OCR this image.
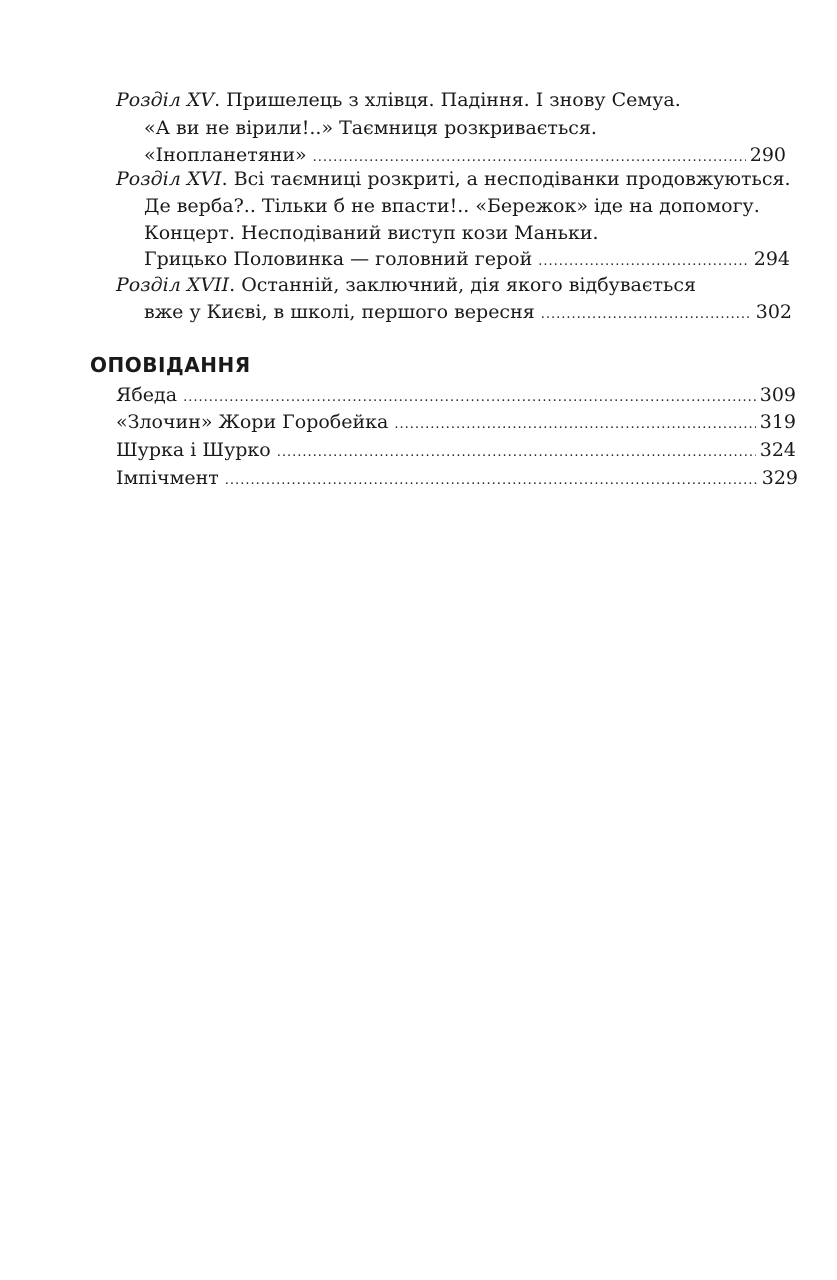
Розділ XV. Пришелець з хлівця. Падіння. І знову Семуа.
«А ви не вірили!..» Таємниця розкривається.
«Інопланетяни» .....	290
Розділ XVI. Всі таємниці розкриті, а несподіванки продовжуються.
Де верба?.. Тільки б не впасти!.. «Бережок» іде на допомогу.
Концерт. Несподіваний виступ кози Маньки.
Грицько Половинка — головний герой .....	294
Розділ XVII. Останній, заключний, дія якого відбувається
вже у Києві, в школі, першого вересня .....	302
ОПОВІДАННЯ
Ябеда .....	309
«Злочин» Жори Горобейка .....	319
Шурка і Шурко .....	324
Імпічмент .....	329
